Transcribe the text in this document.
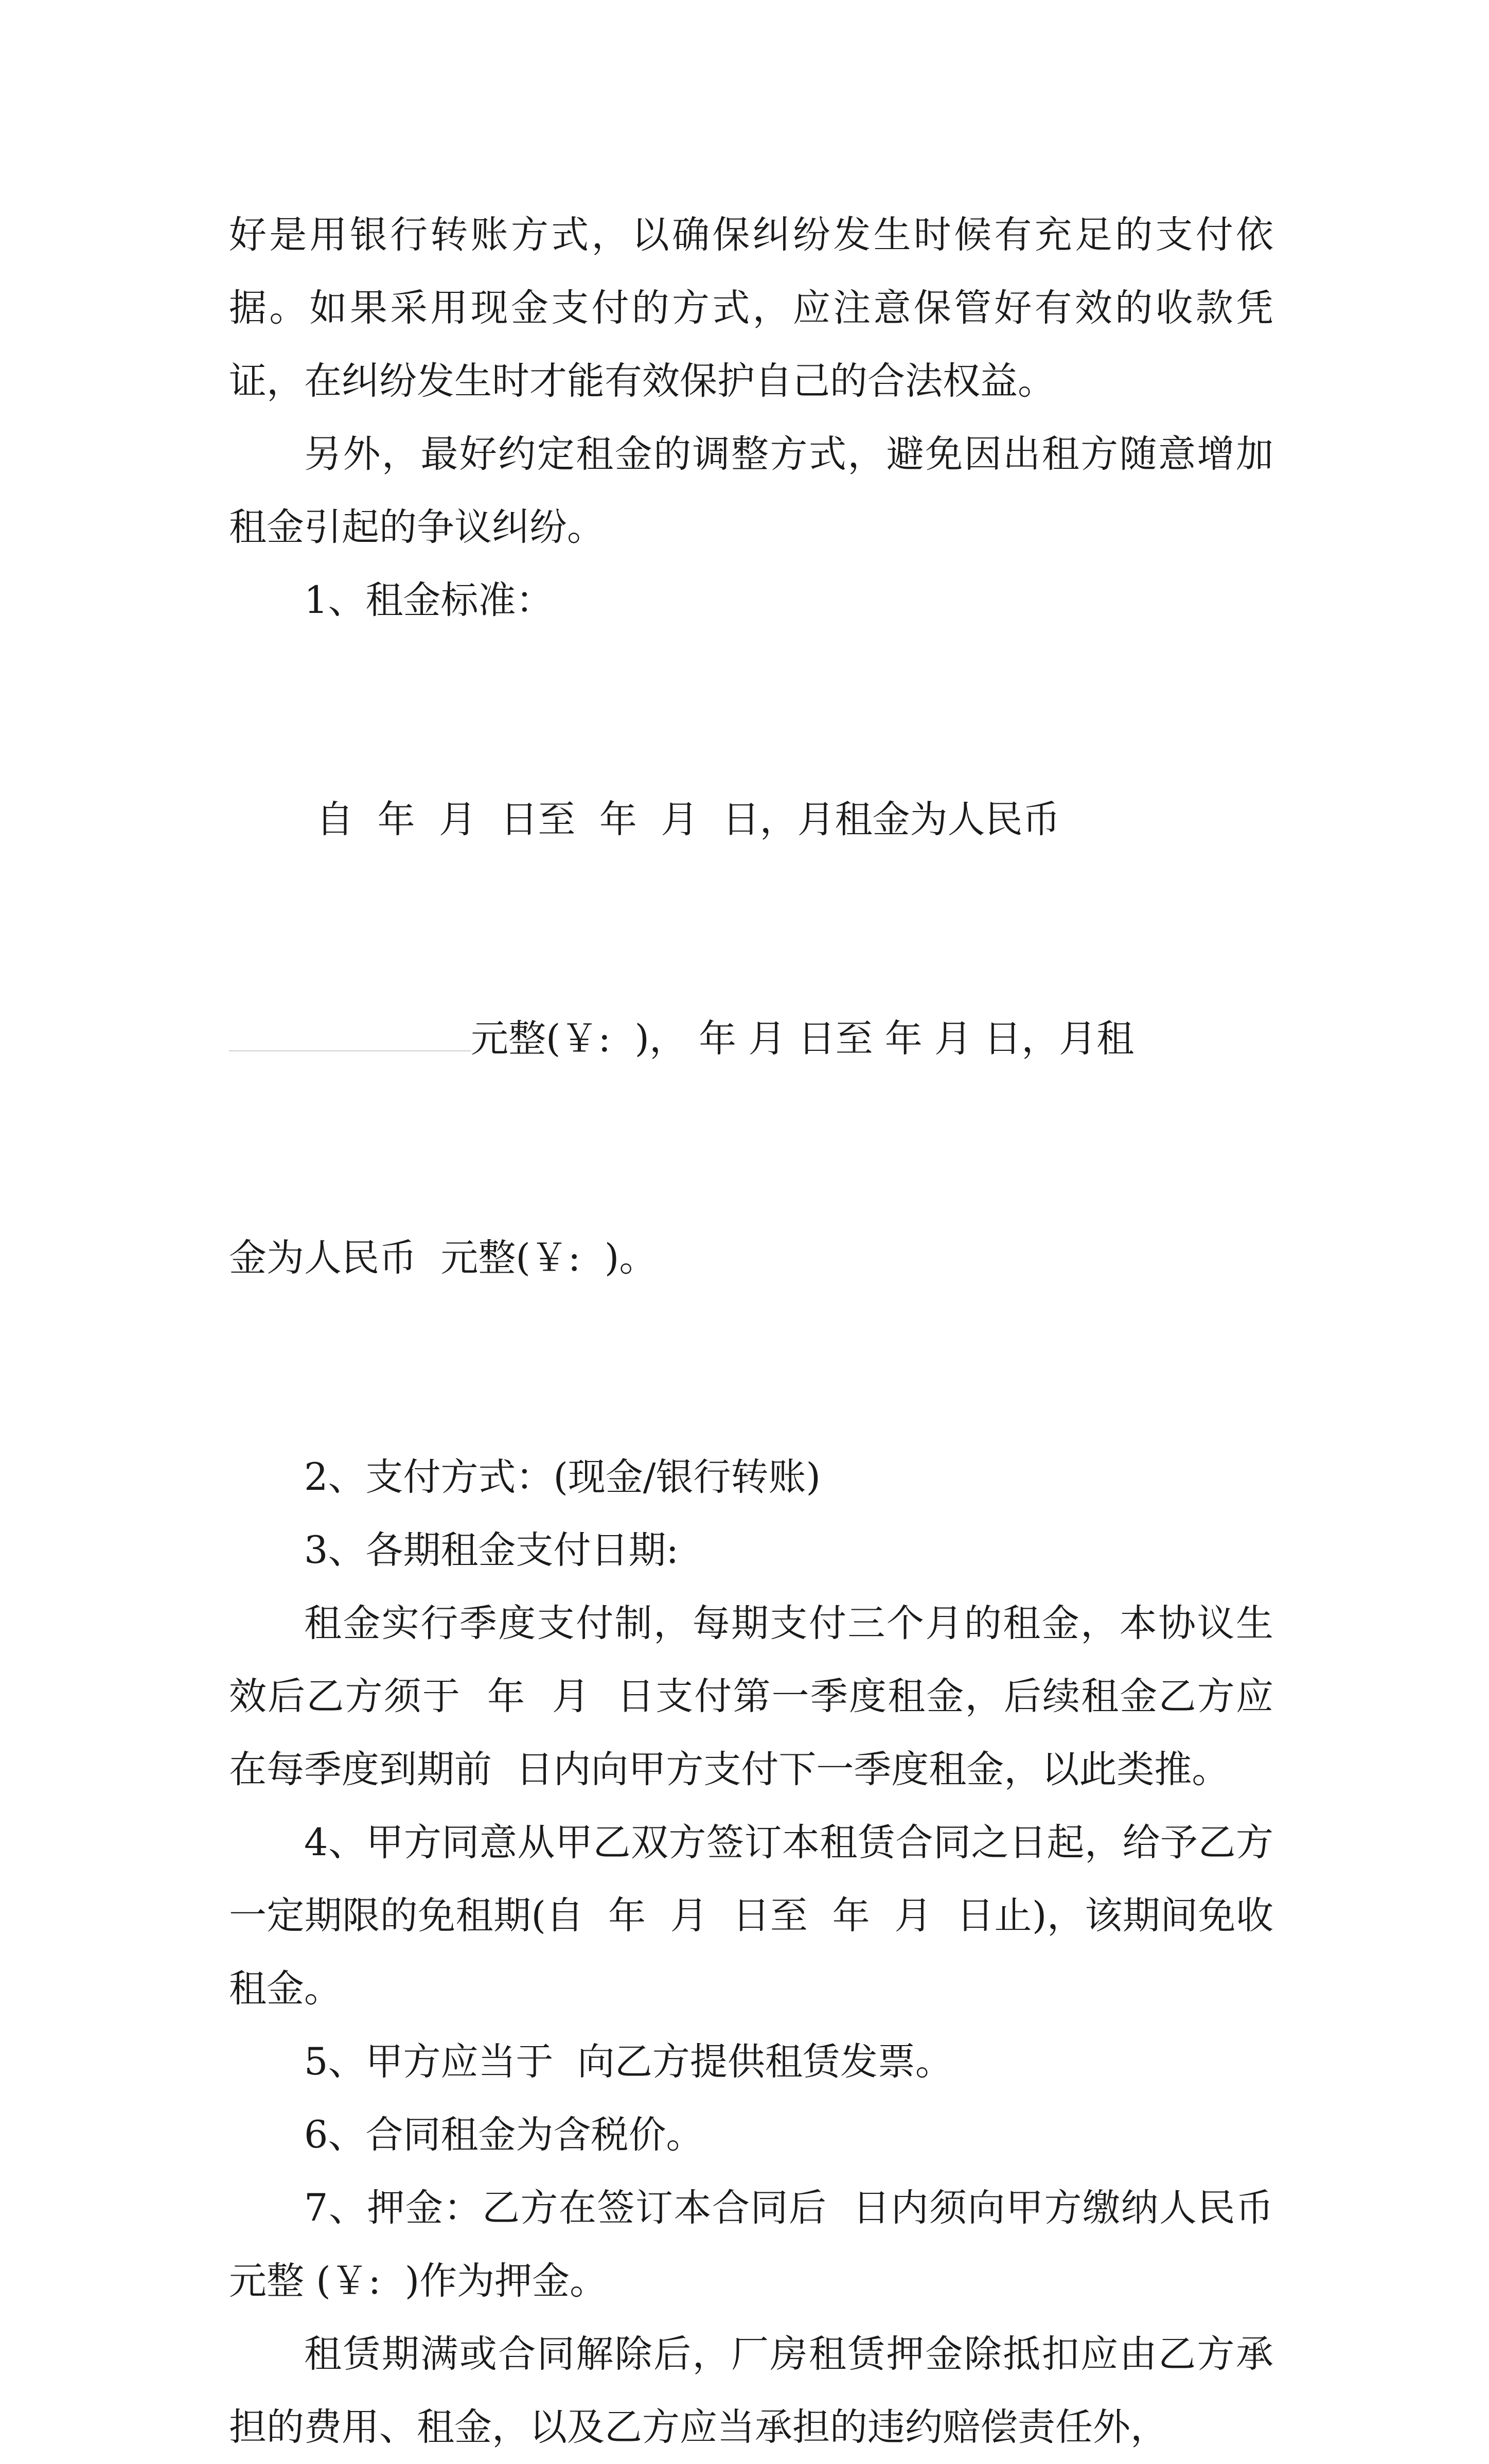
好是用银行转账方式，以确保纠纷发生时候有充足的支付依据。如果采用现金支付的方式，应注意保管好有效的收款凭证，在纠纷发生时才能有效保护自己的合法权益。

另外，最好约定租金的调整方式，避免因出租方随意增加租金引起的争议纠纷。

1、租金标准：

自  年  月  日至  年  月  日，月租金为人民币

元整(￥:  )， 年 月 日至 年 月 日，月租

金为人民币  元整(￥:  )。

2、支付方式：(现金/银行转账)

3、各期租金支付日期:

租金实行季度支付制，每期支付三个月的租金，本协议生效后乙方须于  年  月  日支付第一季度租金，后续租金乙方应在每季度到期前  日内向甲方支付下一季度租金，以此类推。

4、甲方同意从甲乙双方签订本租赁合同之日起，给予乙方一定期限的免租期(自  年  月  日至  年  月  日止)，该期间免收租金。

5、甲方应当于  向乙方提供租赁发票。

6、合同租金为含税价。

7、押金：乙方在签订本合同后  日内须向甲方缴纳人民币  元整 (￥:  )作为押金。

租赁期满或合同解除后，厂房租赁押金除抵扣应由乙方承担的费用、租金，以及乙方应当承担的违约赔偿责任外，
